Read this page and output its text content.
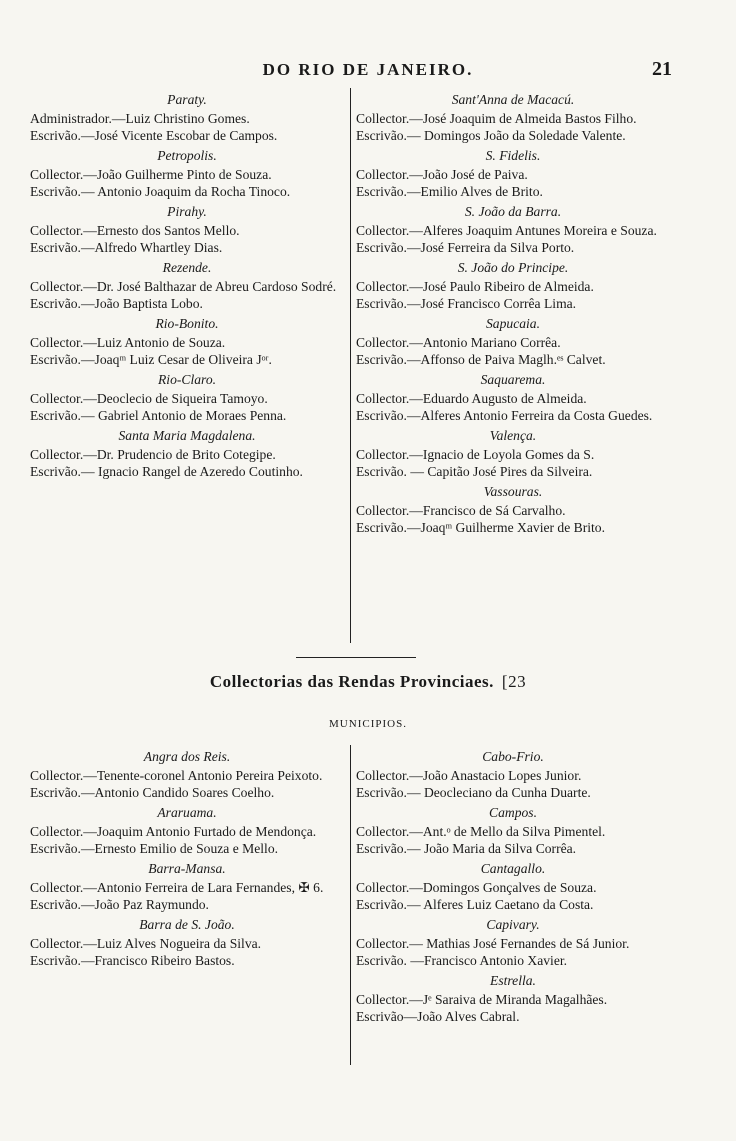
DO RIO DE JANEIRO.	21
Paraty.
Administrador.—Luiz Christino Gomes.
Escrivão.—José Vicente Escobar de Campos.
Petropolis.
Collector.—João Guilherme Pinto de Souza.
Escrivão.— Antonio Joaquim da Rocha Tinoco.
Pirahy.
Collector.—Ernesto dos Santos Mello.
Escrivão.—Alfredo Whartley Dias.
Rezende.
Collector.—Dr. José Balthazar de Abreu Cardoso Sodré.
Escrivão.—João Baptista Lobo.
Rio-Bonito.
Collector.—Luiz Antonio de Souza.
Escrivão.—Joaqᵐ Luiz Cesar de Oliveira Jᵒʳ.
Rio-Claro.
Collector.—Deoclecio de Siqueira Tamoyo.
Escrivão.— Gabriel Antonio de Moraes Penna.
Santa Maria Magdalena.
Collector.—Dr. Prudencio de Brito Cotegipe.
Escrivão.— Ignacio Rangel de Azeredo Coutinho.
Sant'Anna de Macacú.
Collector.—José Joaquim de Almeida Bastos Filho.
Escrivão.— Domingos João da Soledade Valente.
S. Fidelis.
Collector.—João José de Paiva.
Escrivão.—Emilio Alves de Brito.
S. João da Barra.
Collector.—Alferes Joaquim Antunes Moreira e Souza.
Escrivão.—José Ferreira da Silva Porto.
S. João do Principe.
Collector.—José Paulo Ribeiro de Almeida.
Escrivão.—José Francisco Corrêa Lima.
Sapucaia.
Collector.—Antonio Mariano Corrêa.
Escrivão.—Affonso de Paiva Maglh.ᵉˢ Calvet.
Saquarema.
Collector.—Eduardo Augusto de Almeida.
Escrivão.—Alferes Antonio Ferreira da Costa Guedes.
Valença.
Collector.—Ignacio de Loyola Gomes da S.
Escrivão. — Capitão José Pires da Silveira.
Vassouras.
Collector.—Francisco de Sá Carvalho.
Escrivão.—Joaqᵐ Guilherme Xavier de Brito.
Collectorias das Rendas Provinciaes. [23
MUNICIPIOS.
Angra dos Reis.
Collector.—Tenente-coronel Antonio Pereira Peixoto.
Escrivão.—Antonio Candido Soares Coelho.
Araruama.
Collector.—Joaquim Antonio Furtado de Mendonça.
Escrivão.—Ernesto Emilio de Souza e Mello.
Barra-Mansa.
Collector.—Antonio Ferreira de Lara Fernandes, ✠ 6.
Escrivão.—João Paz Raymundo.
Barra de S. João.
Collector.—Luiz Alves Nogueira da Silva.
Escrivão.—Francisco Ribeiro Bastos.
Cabo-Frio.
Collector.—João Anastacio Lopes Junior.
Escrivão.— Deocleciano da Cunha Duarte.
Campos.
Collector.—Ant.ᵒ de Mello da Silva Pimentel.
Escrivão.— João Maria da Silva Corrêa.
Cantagallo.
Collector.—Domingos Gonçalves de Souza.
Escrivão.— Alferes Luiz Caetano da Costa.
Capivary.
Collector.— Mathias José Fernandes de Sá Junior.
Escrivão. —Francisco Antonio Xavier.
Estrella.
Collector.—Jᵉ Saraiva de Miranda Magalhães.
Escrivão—João Alves Cabral.
